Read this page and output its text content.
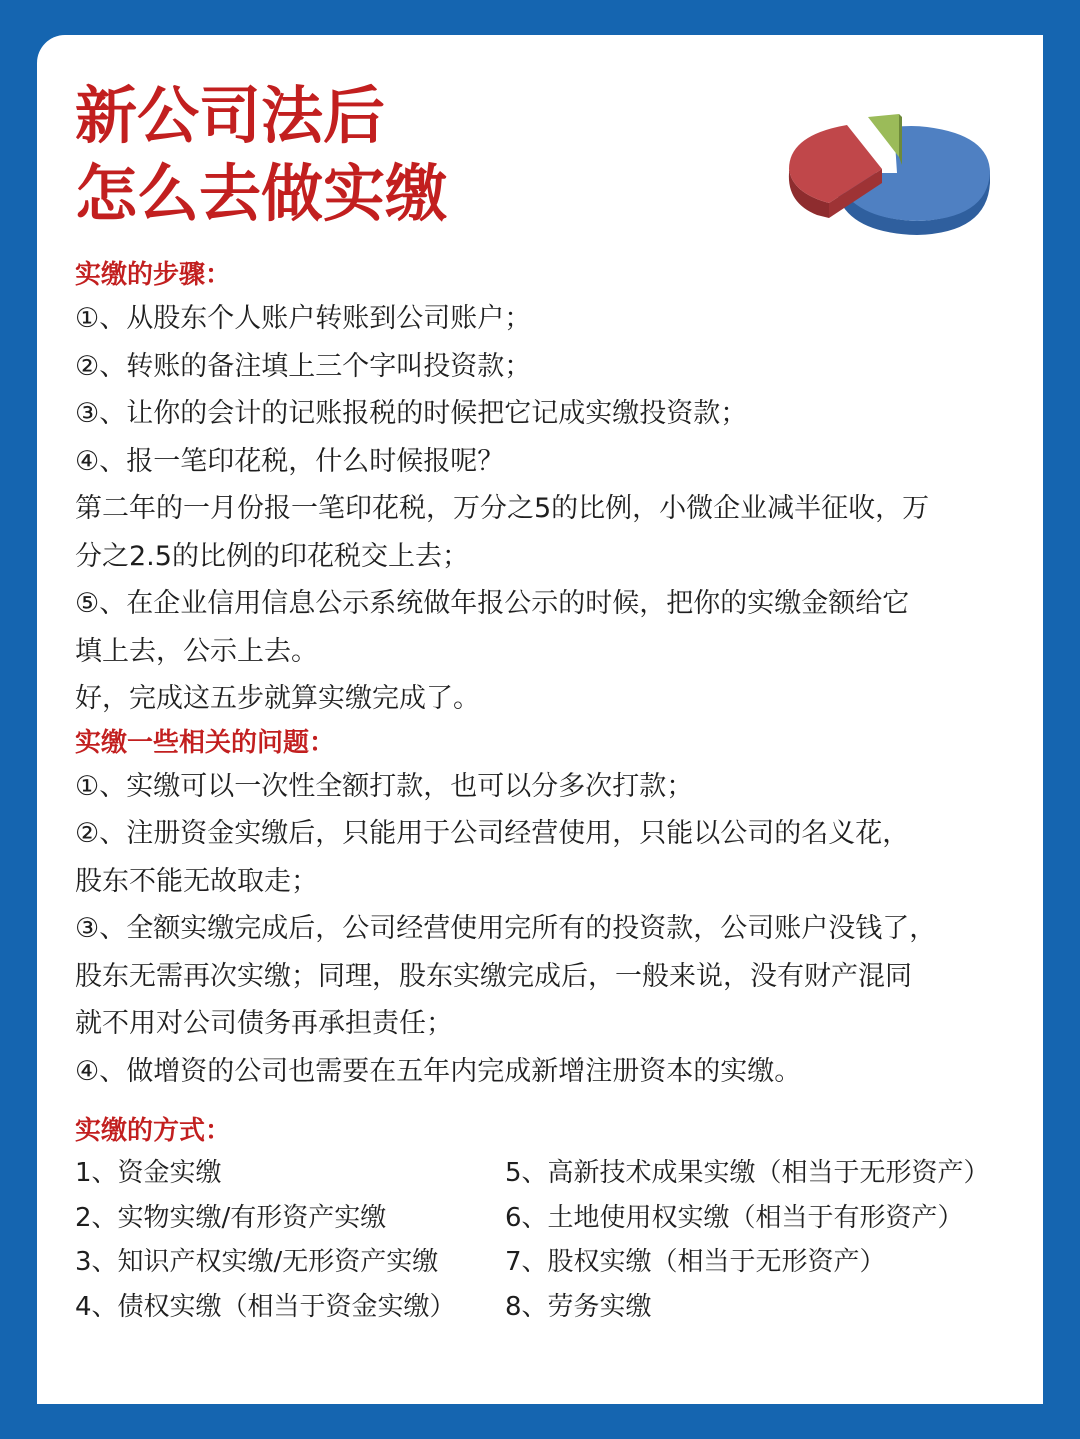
新公司法后
怎么去做实缴
实缴的步骤：
①、从股东个人账户转账到公司账户；
②、转账的备注填上三个字叫投资款；
③、让你的会计的记账报税的时候把它记成实缴投资款；
④、报一笔印花税，什么时候报呢？
第二年的一月份报一笔印花税，万分之5的比例，小微企业减半征收，万
分之2.5的比例的印花税交上去；
⑤、在企业信用信息公示系统做年报公示的时候，把你的实缴金额给它
填上去，公示上去。
好，完成这五步就算实缴完成了。
实缴一些相关的问题：
①、实缴可以一次性全额打款，也可以分多次打款；
②、注册资金实缴后，只能用于公司经营使用，只能以公司的名义花，
股东不能无故取走；
③、全额实缴完成后，公司经营使用完所有的投资款，公司账户没钱了，
股东无需再次实缴；同理，股东实缴完成后，一般来说，没有财产混同
就不用对公司债务再承担责任；
④、做增资的公司也需要在五年内完成新增注册资本的实缴。
实缴的方式：
1、资金实缴	5、高新技术成果实缴（相当于无形资产）
2、实物实缴/有形资产实缴	6、土地使用权实缴（相当于有形资产）
3、知识产权实缴/无形资产实缴	7、股权实缴（相当于无形资产）
4、债权实缴（相当于资金实缴）	8、劳务实缴
